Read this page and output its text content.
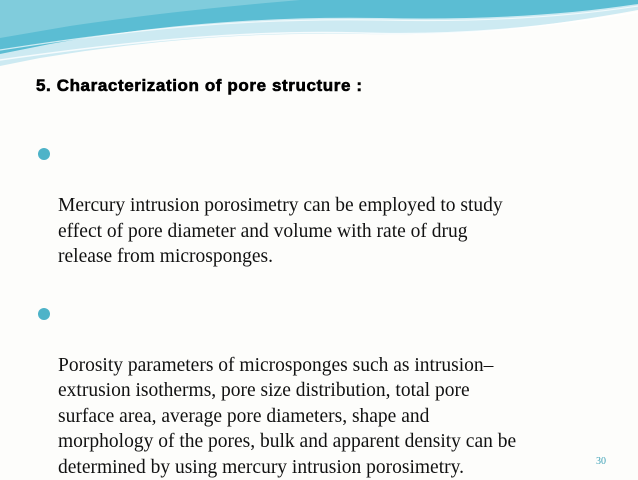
5. Characterization of pore structure :

Mercury intrusion porosimetry can be employed to study
effect of pore diameter and volume with rate of drug
release from microsponges.

Porosity parameters of microsponges such as intrusion–
extrusion isotherms, pore size distribution, total pore
surface area, average pore diameters, shape and
morphology of the pores, bulk and apparent density can be
determined by using mercury intrusion porosimetry.	30
